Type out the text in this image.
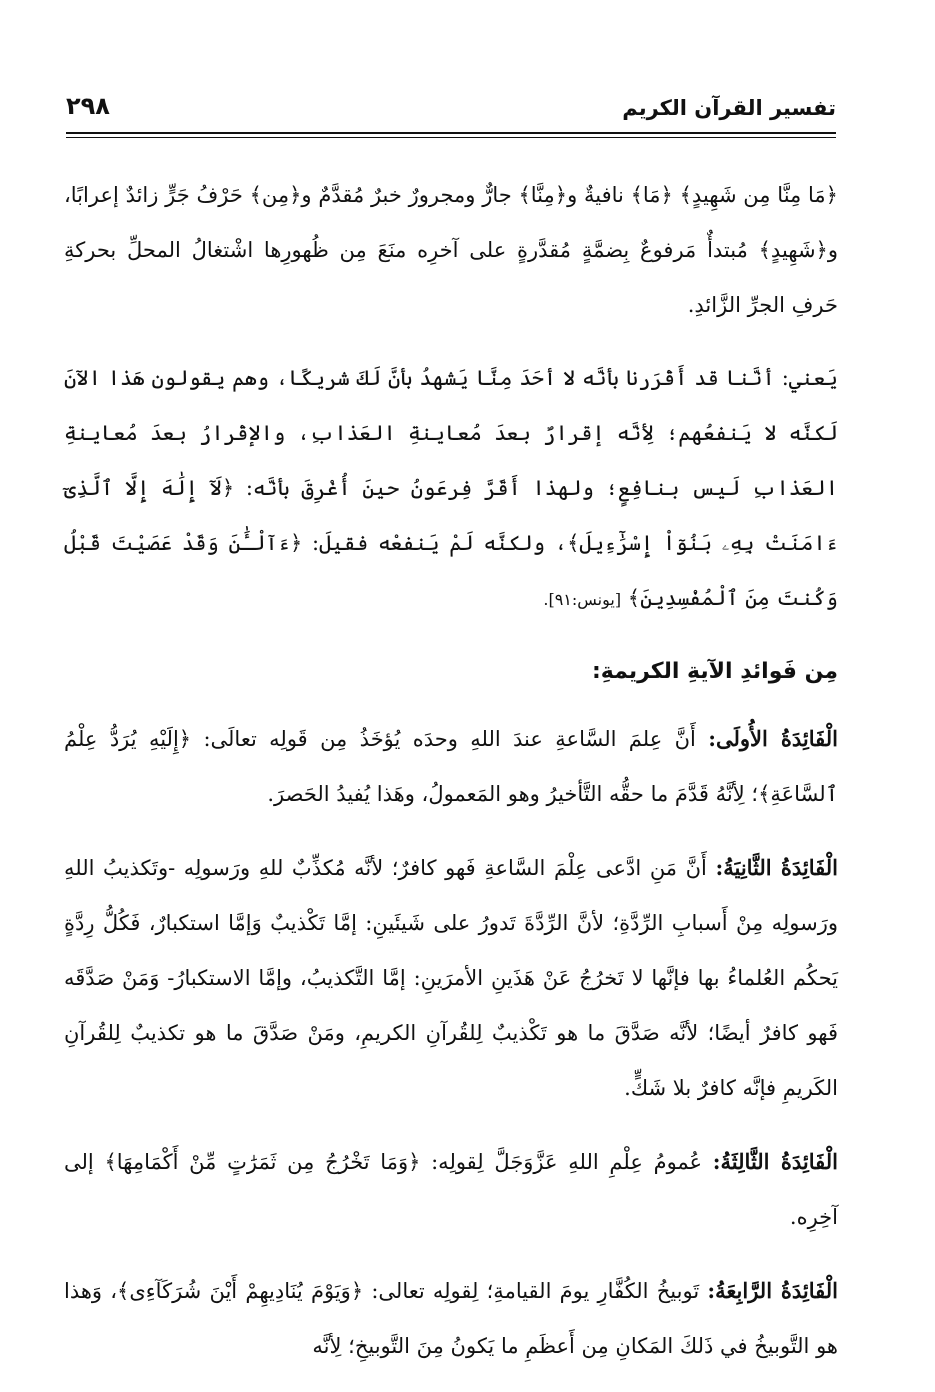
تفسير القرآن الكريم
٢٩٨

﴿مَا مِنَّا مِن شَهِيدٍ﴾ ﴿مَا﴾ نافيةٌ و﴿مِنَّا﴾ جارٌّ ومجرورٌ خبرٌ مُقدَّمٌ و﴿مِن﴾ حَرْفُ جَرٍّ زائدٌ إعرابًا، و﴿شَهِيدٍ﴾ مُبتدأٌ مَرفوعٌ بِضمَّةٍ مُقدَّرةٍ على آخرِه منَعَ مِن ظُهورِها اشْتغالُ المحلِّ بحركةِ حَرفِ الجرِّ الزَّائدِ.

يَعني: أنَّنا قد أَقْرَرنا بأنَّه لا أحَدَ مِنَّا يَشهدُ بأنَّ لَكَ شريكًا، وهم يقولون هَذا الآنَ لَكنَّه لا يَنفعُهم؛ لِأنَّه إقرارٌ بعدَ مُعاينةِ العَذابِ، والإقْرارُ بعدَ مُعاينةِ العَذابِ لَيس بنافِعٍ؛ ولهذا أَقَرَّ فِرعَونُ حينَ أُغْرِقَ بأنَّه: ﴿لَآ إِلَٰهَ إِلَّا ٱلَّذِىٓ ءَامَنَتْ بِهِۦ بَنُوٓاْ إِسْرَٰٓءِيلَ﴾، ولكنَّه لَمْ يَنفعْه فقيلَ: ﴿ءَآلْـَٰٔنَ وَقَدْ عَصَيْتَ قَبْلُ وَكُنتَ مِنَ ٱلْمُفْسِدِينَ﴾ [يونس:٩١].

مِن فَوائدِ الآيةِ الكريمةِ:

الْفَائِدَةُ الأُولَى: أَنَّ عِلمَ السَّاعةِ عندَ اللهِ وحدَه يُؤخَذُ مِن قَولِه تعالَى: ﴿إِلَيْهِ يُرَدُّ عِلْمُ ٱلسَّاعَةِ﴾؛ لِأنَّهُ قَدَّمَ ما حقُّه التَّأخيرُ وهو المَعمولُ، وهَذا يُفيدُ الحَصرَ.

الْفَائِدَةُ الثَّانِيَةُ: أَنَّ مَنِ ادَّعى عِلْمَ السَّاعةِ فَهو كافرٌ؛ لأنَّه مُكذِّبٌ للهِ ورَسولِه -وتَكذيبُ اللهِ ورَسولِه مِنْ أَسبابِ الرِّدَّةِ؛ لأنَّ الرِّدَّةَ تَدورُ على شَيئَينِ: إمَّا تَكْذيبٌ وَإمَّا استكبارٌ، فَكُلُّ رِدَّةٍ يَحكُم العُلماءُ بها فإنَّها لا تَخرُجُ عَنْ هَذَينِ الأمرَينِ: إمَّا التَّكذيبُ، وإمَّا الاستكبارُ- وَمَنْ صَدَّقَه فَهو كافرٌ أيضًا؛ لأنَّه صَدَّقَ ما هو تَكْذيبٌ لِلقُرآنِ الكريمِ، ومَنْ صَدَّقَ ما هو تكذيبٌ لِلقُرآنِ الكَريمِ فإنَّه كافرٌ بلا شَكٍّ.

الْفَائِدَةُ الثَّالِثَةُ: عُمومُ عِلْمِ اللهِ عَزَّوَجَلَّ لِقولِه: ﴿وَمَا تَخْرُجُ مِن ثَمَرَٰتٍ مِّنْ أَكْمَامِهَا﴾ إلى آخِرِه.

الْفَائِدَةُ الرَّابِعَةُ: تَوبيخُ الكُفَّارِ يومَ القيامةِ؛ لِقولِه تعالى: ﴿وَيَوْمَ يُنَادِيهِمْ أَيْنَ شُرَكَآءِى﴾، وَهذا هو التَّوبيخُ في ذَلكَ المَكانِ مِن أَعظَمِ ما يَكونُ مِنَ التَّوبيخِ؛ لِأنَّه
